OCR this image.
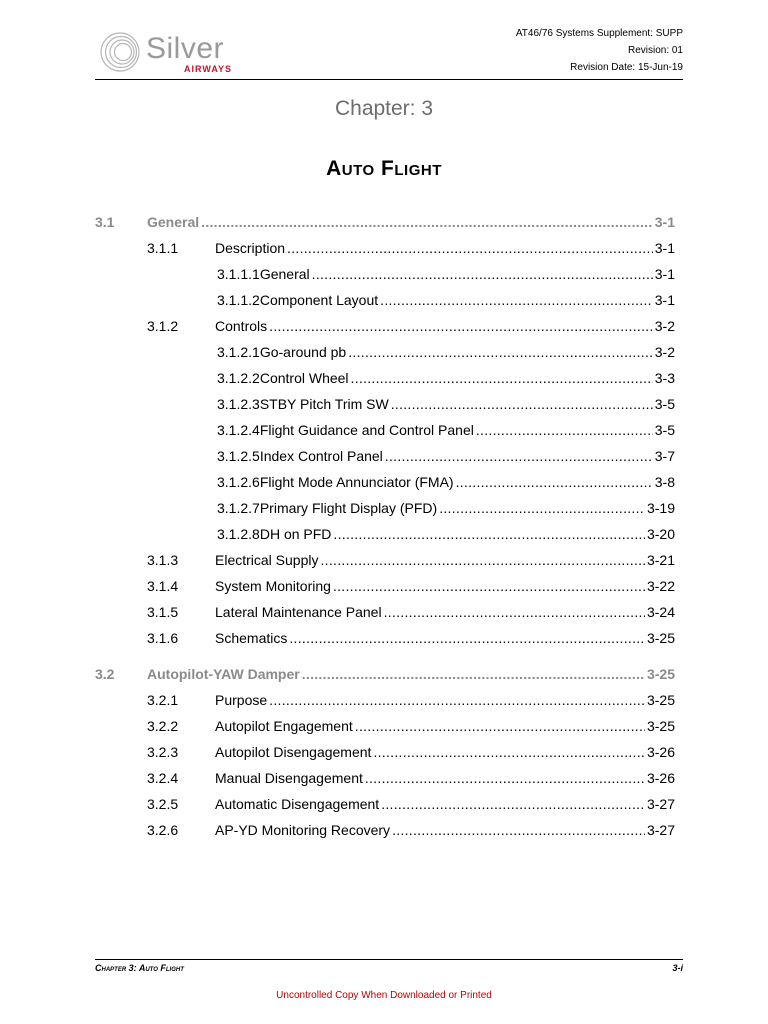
Silver
AIRWAYS
AT46/76 Systems Supplement: SUPP
Revision: 01
Revision Date: 15-Jun-19
Chapter: 3
Auto Flight
3.1	General . . .	3-1
3.1.1	Description . . .	3-1
3.1.1.1 General . . .	3-1
3.1.1.2 Component Layout . . .	3-1
3.1.2	Controls . . .	3-2
3.1.2.1 Go-around pb . . .	3-2
3.1.2.2 Control Wheel . . .	3-3
3.1.2.3 STBY Pitch Trim SW . . .	3-5
3.1.2.4 Flight Guidance and Control Panel . . .	3-5
3.1.2.5 Index Control Panel . . .	3-7
3.1.2.6 Flight Mode Annunciator (FMA) . . .	3-8
3.1.2.7 Primary Flight Display (PFD) . . .	3-19
3.1.2.8 DH on PFD . . .	3-20
3.1.3	Electrical Supply . . .	3-21
3.1.4	System Monitoring . . .	3-22
3.1.5	Lateral Maintenance Panel . . .	3-24
3.1.6	Schematics . . .	3-25
3.2	Autopilot-YAW Damper . . .	3-25
3.2.1	Purpose . . .	3-25
3.2.2	Autopilot Engagement . . .	3-25
3.2.3	Autopilot Disengagement . . .	3-26
3.2.4	Manual Disengagement . . .	3-26
3.2.5	Automatic Disengagement . . .	3-27
3.2.6	AP-YD Monitoring Recovery . . .	3-27
Chapter 3: Auto Flight	3-i
Uncontrolled Copy When Downloaded or Printed
